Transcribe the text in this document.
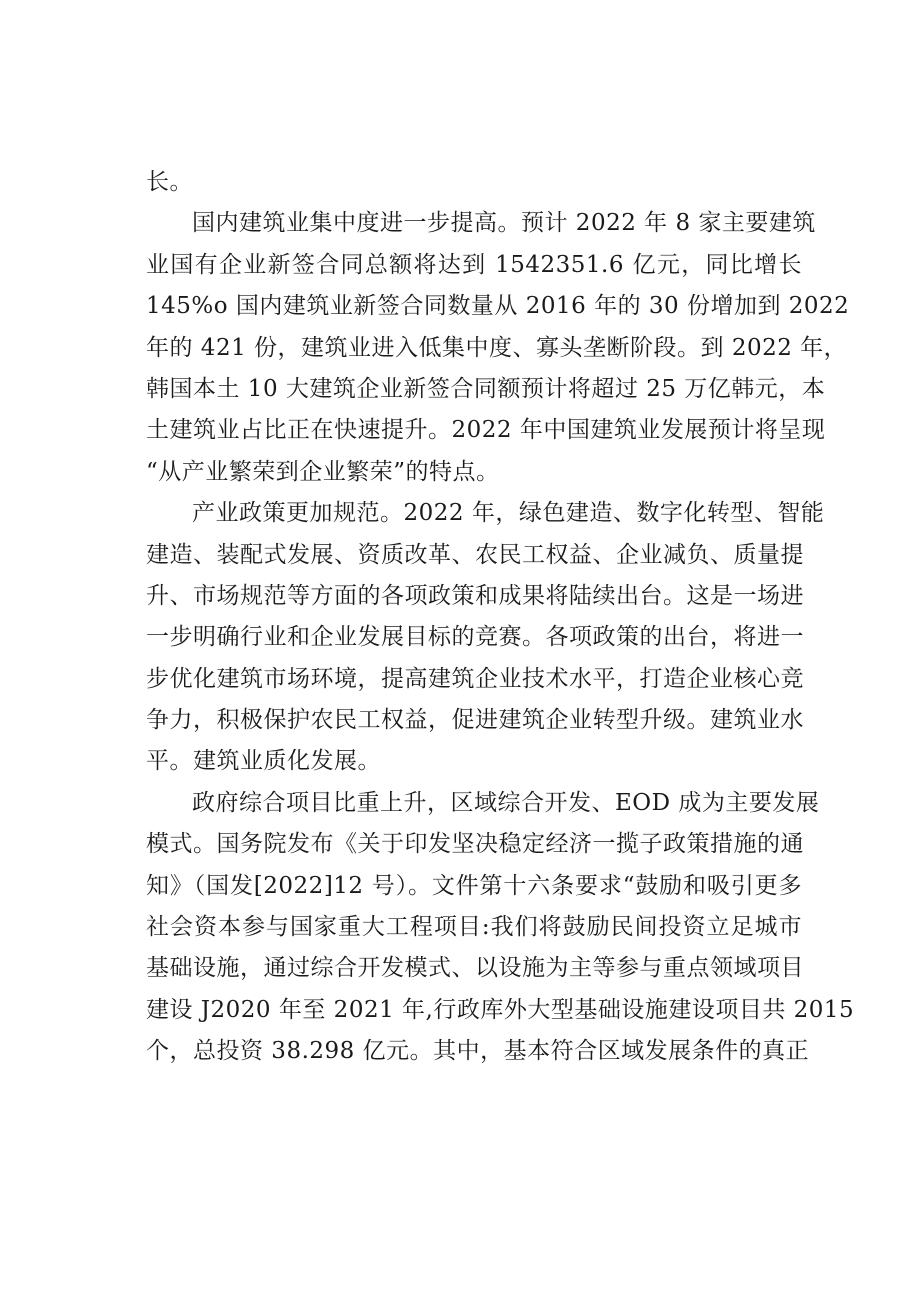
长。
国内建筑业集中度进一步提高。预计 2022 年 8 家主要建筑
业国有企业新签合同总额将达到 1542351.6 亿元，同比增长
145%o 国内建筑业新签合同数量从 2016 年的 30 份增加到 2022
年的 421 份，建筑业进入低集中度、寡头垄断阶段。到 2022 年，
韩国本土 10 大建筑企业新签合同额预计将超过 25 万亿韩元，本
土建筑业占比正在快速提升。2022 年中国建筑业发展预计将呈现
“从产业繁荣到企业繁荣”的特点。
产业政策更加规范。2022 年，绿色建造、数字化转型、智能
建造、装配式发展、资质改革、农民工权益、企业减负、质量提
升、市场规范等方面的各项政策和成果将陆续出台。这是一场进
一步明确行业和企业发展目标的竞赛。各项政策的出台，将进一
步优化建筑市场环境，提高建筑企业技术水平，打造企业核心竞
争力，积极保护农民工权益，促进建筑企业转型升级。建筑业水
平。建筑业质化发展。
政府综合项目比重上升，区域综合开发、EOD 成为主要发展
模式。国务院发布《关于印发坚决稳定经济一揽子政策措施的通
知》（国发[2022]12 号）。文件第十六条要求“鼓励和吸引更多
社会资本参与国家重大工程项目:我们将鼓励民间投资立足城市
基础设施，通过综合开发模式、以设施为主等参与重点领域项目
建设 J2020 年至 2021 年,行政库外大型基础设施建设项目共 2015
个，总投资 38.298 亿元。其中，基本符合区域发展条件的真正
